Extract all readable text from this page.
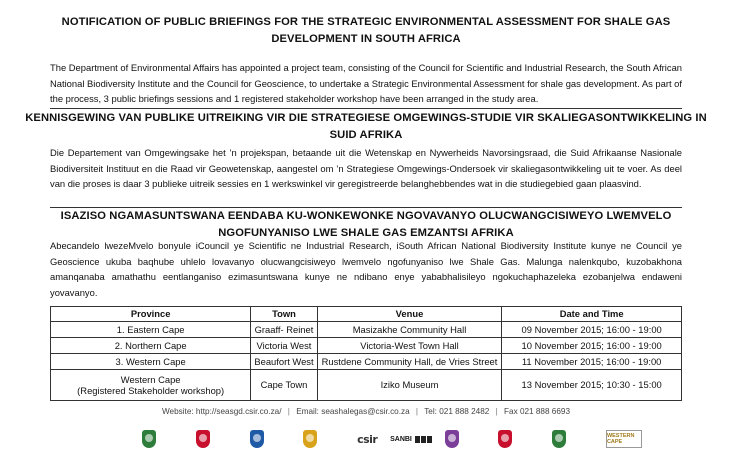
NOTIFICATION OF PUBLIC BRIEFINGS FOR THE STRATEGIC ENVIRONMENTAL ASSESSMENT FOR SHALE GAS DEVELOPMENT IN SOUTH AFRICA
The Department of Environmental Affairs has appointed a project team, consisting of the Council for Scientific and Industrial Research, the South African National Biodiversity Institute and the Council for Geoscience, to undertake a Strategic Environmental Assessment for shale gas development. As part of the process, 3 public briefings sessions and 1 registered stakeholder workshop have been arranged in the study area.
KENNISGEWING VAN PUBLIKE UITREIKING VIR DIE STRATEGIESE OMGEWINGS-STUDIE VIR SKALIEGASONTWIKKELING IN SUID AFRIKA
Die Departement van Omgewingsake het ’n projekspan, betaande uit die Wetenskap en Nywerheids Navorsingsraad, die Suid Afrikaanse Nasionale Biodiversiteit Instituut en die Raad vir Geowetenskap, aangestel om ’n Strategiese Omgewings-Ondersoek vir skaliegasontwikkeling uit te voer. As deel van die proses is daar 3 publieke uitreik sessies en 1 werkswinkel vir geregistreerde belanghebbendes wat in die studiegebied gaan plaasvind.
ISAZISO NGAMASUNTSWANA EENDABA KU-WONKEWONKE NGOVAVANYO OLUCWANGCISIWEYO LWEMVELO NGOFUNYANISO LWE SHALE GAS EMZANTSI AFRIKA
Abecandelo lwezeMvelo bonyule iCouncil ye Scientific ne Industrial Research, iSouth African National Biodiversity Institute kunye ne Council ye Geoscience ukuba baqhube uhlelo lovavanyo olucwangcisiweyo lwemvelo ngofunyaniso lwe Shale Gas. Malunga nalenkqubo, kuzobakhona amanqanaba amathathu eentlanganiso ezimasuntswana kunye ne ndibano enye yababhalisileyo ngokuchaphazeleka ezobanjelwa endaweni yovavanyo.
Province	Town	Venue	Date and Time
1. Eastern Cape	Graaff- Reinet	Masizakhe Community Hall	09 November 2015; 16:00 - 19:00
2. Northern Cape	Victoria West	Victoria-West Town Hall	10 November 2015; 16:00 - 19:00
3. Western Cape	Beaufort West	Rustdene Community Hall, de Vries Street	11 November 2015; 16:00 - 19:00

Western Cape
(Registered Stakeholder workshop)	Cape Town	Iziko Museum	13 November 2015; 10:30 - 15:00
Website: http://seasgd.csir.co.za/ | Email: seashalegas@csir.co.za | Tel: 021 888 2482 | Fax 021 888 6693
csir SANBI	WESTERN CAPE
